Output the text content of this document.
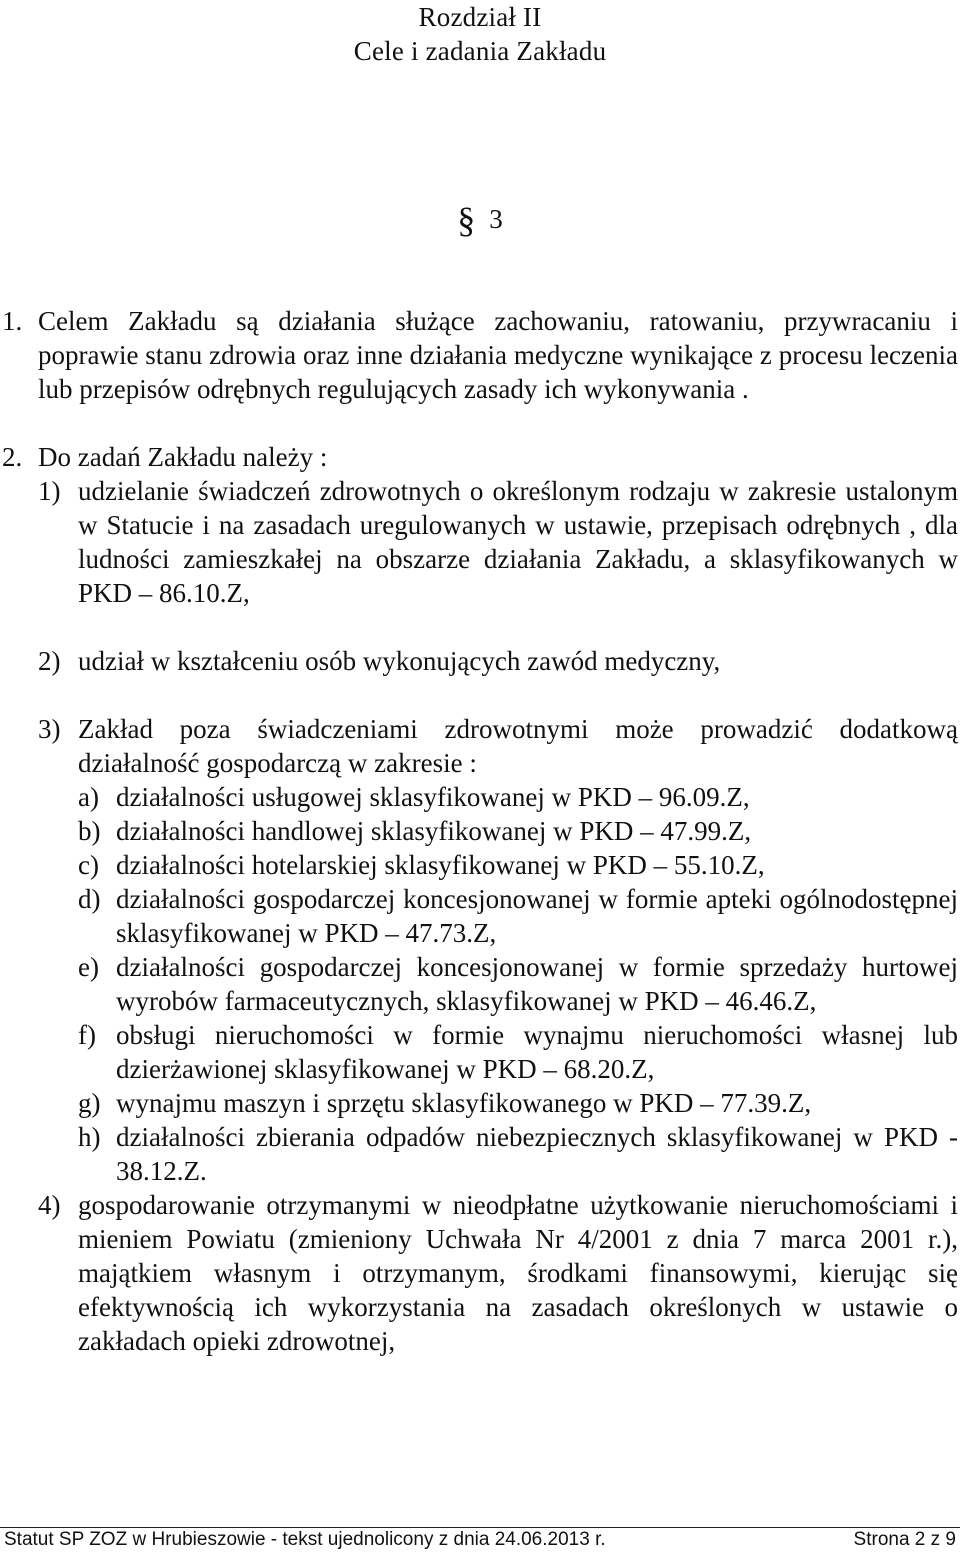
Rozdział II
Cele i zadania Zakładu
§ 3
1. Celem Zakładu są działania służące zachowaniu, ratowaniu, przywracaniu i poprawie stanu zdrowia oraz inne działania medyczne wynikające z procesu leczenia lub przepisów odrębnych regulujących zasady ich wykonywania .
2. Do zadań Zakładu należy :
1) udzielanie świadczeń zdrowotnych o określonym rodzaju w zakresie ustalonym w Statucie i na zasadach uregulowanych w ustawie, przepisach odrębnych , dla ludności zamieszkałej na obszarze działania Zakładu, a sklasyfikowanych w PKD – 86.10.Z,
2) udział w kształceniu osób wykonujących zawód medyczny,
3) Zakład poza świadczeniami zdrowotnymi może prowadzić dodatkową działalność gospodarczą w zakresie :
a) działalności usługowej sklasyfikowanej w PKD – 96.09.Z,
b) działalności handlowej sklasyfikowanej w PKD – 47.99.Z,
c) działalności hotelarskiej sklasyfikowanej w PKD – 55.10.Z,
d) działalności gospodarczej koncesjonowanej w formie apteki ogólnodostępnej sklasyfikowanej w PKD – 47.73.Z,
e) działalności gospodarczej koncesjonowanej w formie sprzedaży hurtowej wyrobów farmaceutycznych, sklasyfikowanej w PKD – 46.46.Z,
f) obsługi nieruchomości w formie wynajmu nieruchomości własnej lub dzierżawionej sklasyfikowanej w PKD – 68.20.Z,
g) wynajmu maszyn i sprzętu sklasyfikowanego w PKD – 77.39.Z,
h) działalności zbierania odpadów niebezpiecznych sklasyfikowanej w PKD - 38.12.Z.
4) gospodarowanie otrzymanymi w nieodpłatne użytkowanie nieruchomościami i mieniem Powiatu (zmieniony Uchwała Nr 4/2001 z dnia 7 marca 2001 r.), majątkiem własnym i otrzymanym, środkami finansowymi, kierując się efektywnością ich wykorzystania na zasadach określonych w ustawie o zakładach opieki zdrowotnej,
Statut SP ZOZ w Hrubieszowie - tekst ujednolicony z dnia 24.06.2013 r.	Strona 2 z 9
